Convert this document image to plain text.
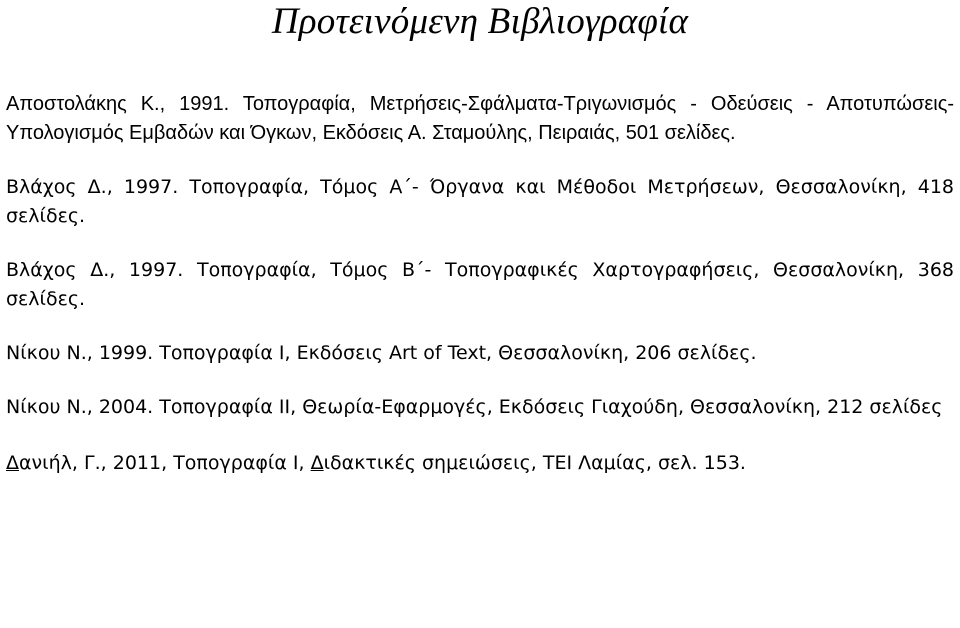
Προτεινόμενη Βιβλιογραφία

Αποστολάκης Κ., 1991. Τοπογραφία, Μετρήσεις-Σφάλματα-Τριγωνισμός - Οδεύσεις - Αποτυπώσεις-Υπολογισμός Εμβαδών και Όγκων, Εκδόσεις Α. Σταμούλης, Πειραιάς, 501 σελίδες.

Βλάχος Δ., 1997. Τοπογραφία, Τόμος Α΄- Όργανα και Μέθοδοι Μετρήσεων, Θεσσαλονίκη, 418 σελίδες.

Βλάχος Δ., 1997. Τοπογραφία, Τόμος Β΄- Τοπογραφικές Χαρτογραφήσεις, Θεσσαλονίκη, 368 σελίδες.

Νίκου Ν., 1999. Τοπογραφία Ι, Εκδόσεις Art of Text, Θεσσαλονίκη, 206 σελίδες.

Νίκου Ν., 2004. Τοπογραφία ΙΙ, Θεωρία-Εφαρμογές, Εκδόσεις Γιαχούδη, Θεσσαλονίκη, 212 σελίδες

Δανιήλ, Γ., 2011, Τοπογραφία Ι, Διδακτικές σημειώσεις, ΤΕΙ Λαμίας, σελ. 153.
